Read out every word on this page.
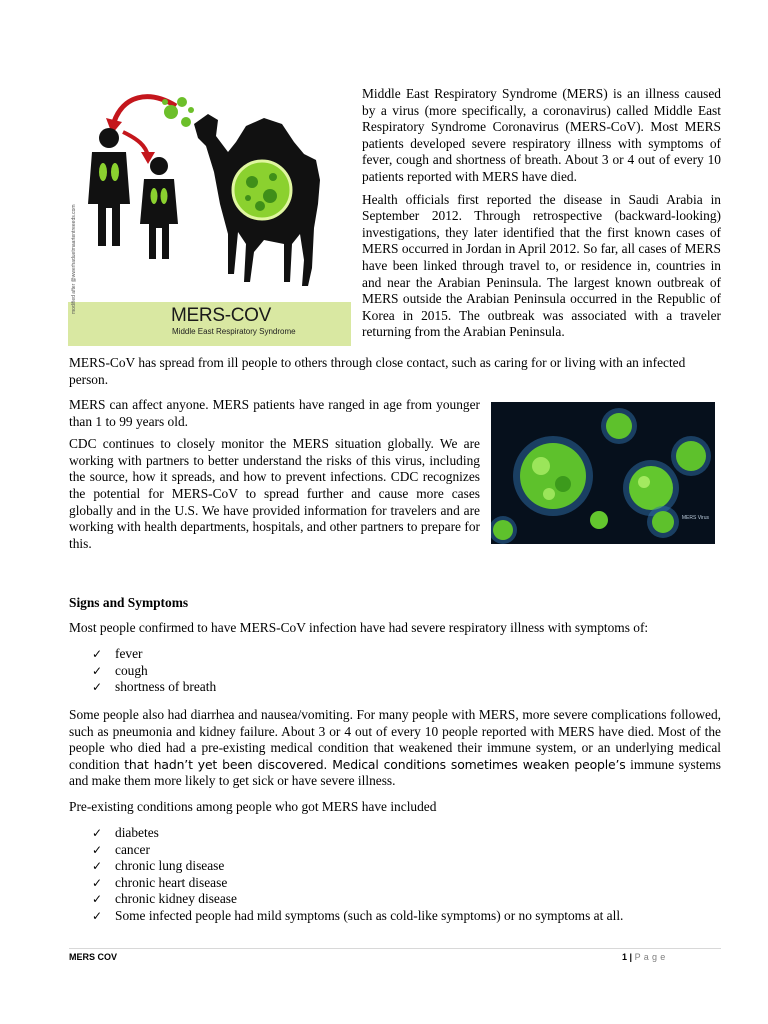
MERS-COV
Middle East Respiratory Syndrome
modified after @wwerhaduetmaartentreeeds.com

Middle East Respiratory Syndrome (MERS) is an illness caused by a virus (more specifically, a coronavirus) called Middle East Respiratory Syndrome Coronavirus (MERS-CoV). Most MERS patients developed severe respiratory illness with symptoms of fever, cough and shortness of breath. About 3 or 4 out of every 10 patients reported with MERS have died.

Health officials first reported the disease in Saudi Arabia in September 2012. Through retrospective (backward-looking) investigations, they later identified that the first known cases of MERS occurred in Jordan in April 2012. So far, all cases of MERS have been linked through travel to, or residence in, countries in and near the Arabian Peninsula. The largest known outbreak of MERS outside the Arabian Peninsula occurred in the Republic of Korea in 2015. The outbreak was associated with a traveler returning from the Arabian Peninsula.

MERS-CoV has spread from ill people to others through close contact, such as caring for or living with an infected person.

MERS can affect anyone. MERS patients have ranged in age from younger than 1 to 99 years old.

CDC continues to closely monitor the MERS situation globally. We are working with partners to better understand the risks of this virus, including the source, how it spreads, and how to prevent infections. CDC recognizes the potential for MERS-CoV to spread further and cause more cases globally and in the U.S. We have provided information for travelers and are working with health departments, hospitals, and other partners to prepare for this.

MERS Virus
Signs and Symptoms

Most people confirmed to have MERS-CoV infection have had severe respiratory illness with symptoms of:

✓ fever
✓ cough
✓ shortness of breath

Some people also had diarrhea and nausea/vomiting. For many people with MERS, more severe complications followed, such as pneumonia and kidney failure. About 3 or 4 out of every 10 people reported with MERS have died. Most of the people who died had a pre-existing medical condition that weakened their immune system, or an underlying medical condition that hadn’t yet been discovered. Medical conditions sometimes weaken people’s immune systems and make them more likely to get sick or have severe illness.

Pre-existing conditions among people who got MERS have included

✓ diabetes
✓ cancer
✓ chronic lung disease
✓ chronic heart disease
✓ chronic kidney disease
✓ Some infected people had mild symptoms (such as cold-like symptoms) or no symptoms at all.
MERS COV	1 | Page
